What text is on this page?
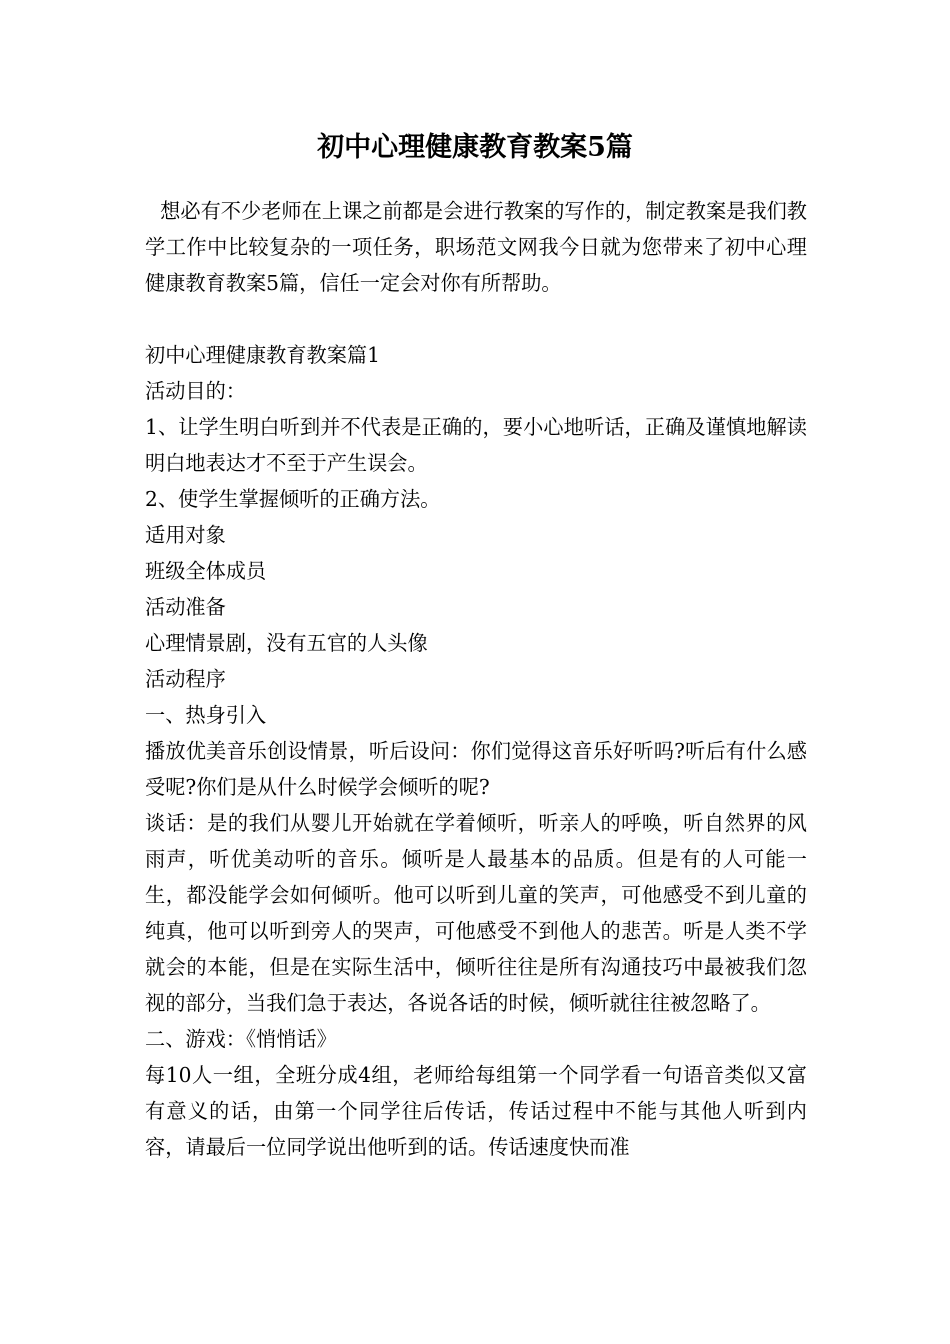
初中心理健康教育教案5篇

想必有不少老师在上课之前都是会进行教案的写作的，制定教案是我们教学工作中比较复杂的一项任务，职场范文网我今日就为您带来了初中心理健康教育教案5篇，信任一定会对你有所帮助。

初中心理健康教育教案篇1

活动目的：

1、让学生明白听到并不代表是正确的，要小心地听话，正确及谨慎地解读明白地表达才不至于产生误会。

2、使学生掌握倾听的正确方法。

适用对象

班级全体成员

活动准备

心理情景剧，没有五官的人头像

活动程序

一、热身引入

播放优美音乐创设情景，听后设问：你们觉得这音乐好听吗?听后有什么感受呢?你们是从什么时候学会倾听的呢?

谈话：是的我们从婴儿开始就在学着倾听，听亲人的呼唤，听自然界的风雨声，听优美动听的音乐。倾听是人最基本的品质。但是有的人可能一生，都没能学会如何倾听。他可以听到儿童的笑声，可他感受不到儿童的纯真，他可以听到旁人的哭声，可他感受不到他人的悲苦。听是人类不学就会的本能，但是在实际生活中，倾听往往是所有沟通技巧中最被我们忽视的部分，当我们急于表达，各说各话的时候，倾听就往往被忽略了。

二、游戏：《悄悄话》

每10人一组，全班分成4组，老师给每组第一个同学看一句语音类似又富有意义的话，由第一个同学往后传话，传话过程中不能与其他人听到内容，请最后一位同学说出他听到的话。传话速度快而准
